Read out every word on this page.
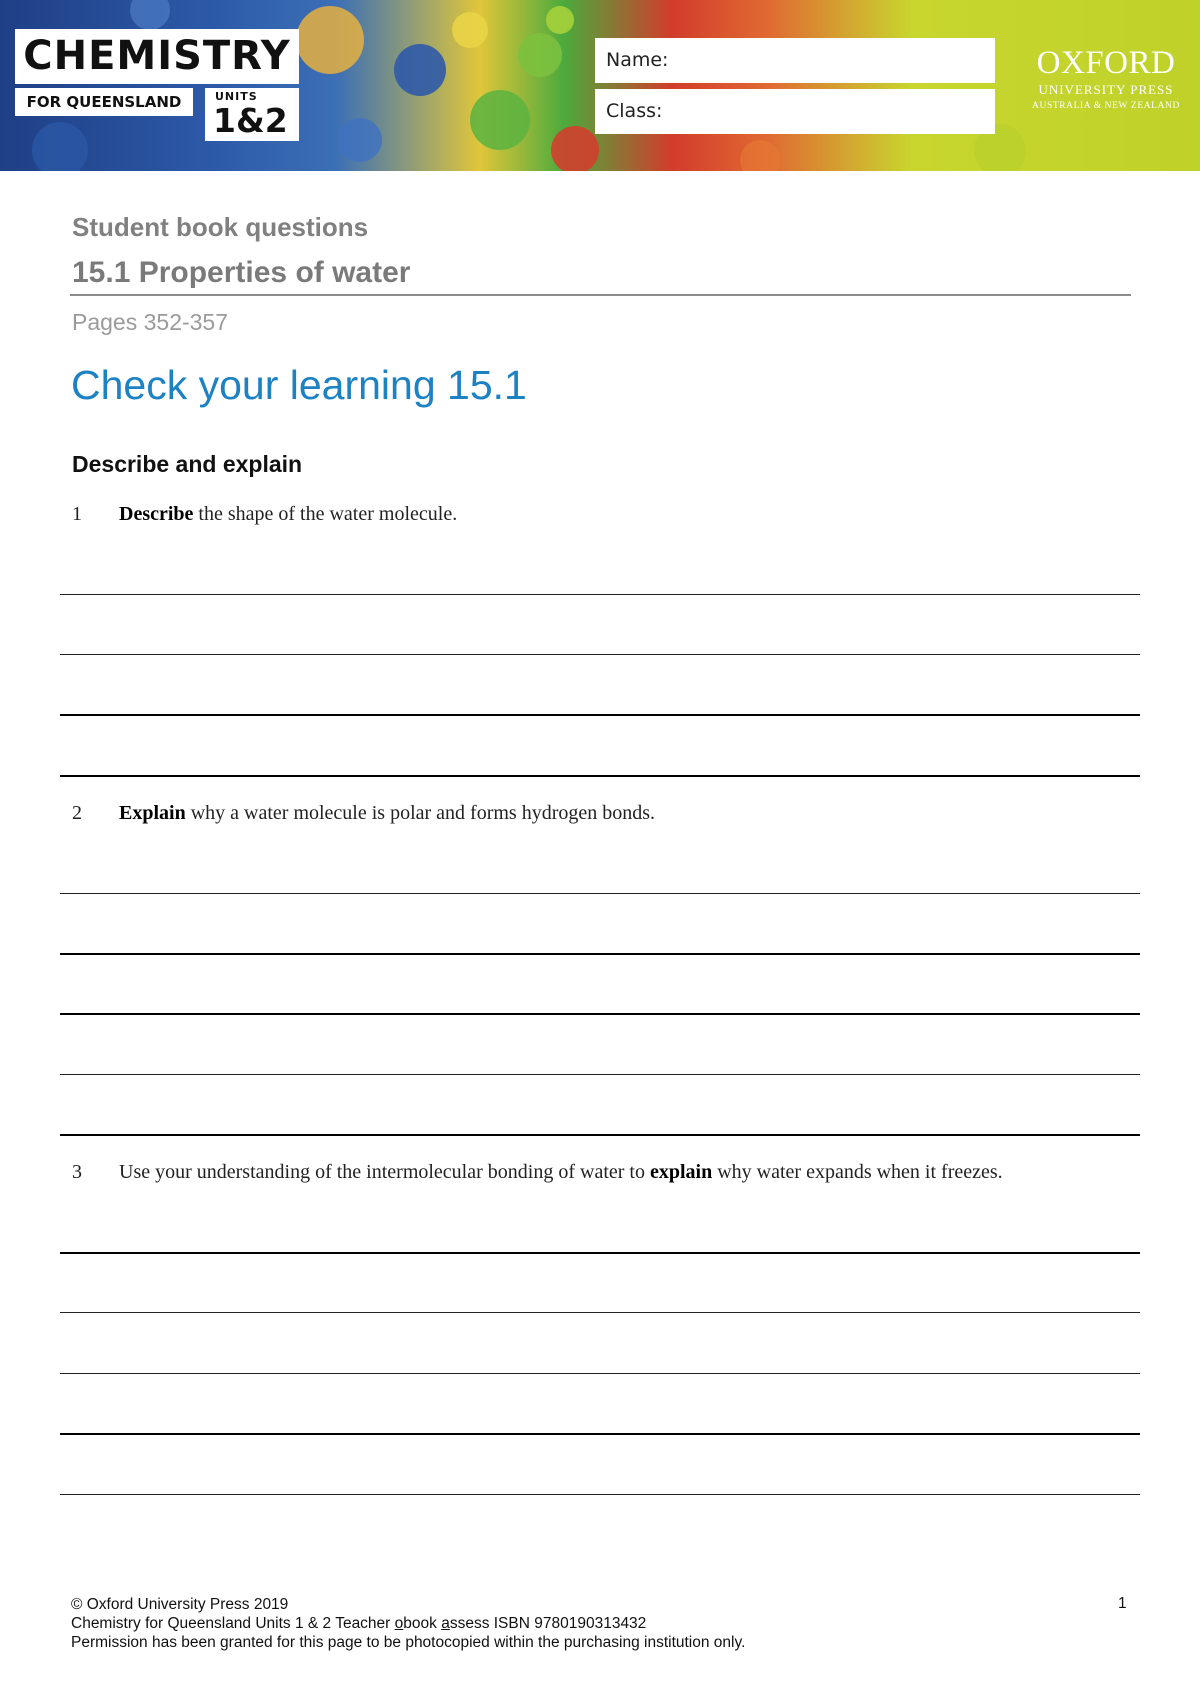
CHEMISTRY
FOR QUEENSLAND	UNITS
1&2
Name:
Class:
OXFORD
UNIVERSITY PRESS
AUSTRALIA & NEW ZEALAND
Student book questions
15.1 Properties of water
Pages 352-357
Check your learning 15.1
Describe and explain
1 Describe the shape of the water molecule.
2 Explain why a water molecule is polar and forms hydrogen bonds.
3 Use your understanding of the intermolecular bonding of water to explain why water expands when it freezes.
© Oxford University Press 2019
Chemistry for Queensland Units 1 & 2 Teacher obook assess ISBN 9780190313432
Permission has been granted for this page to be photocopied within the purchasing institution only.
1
